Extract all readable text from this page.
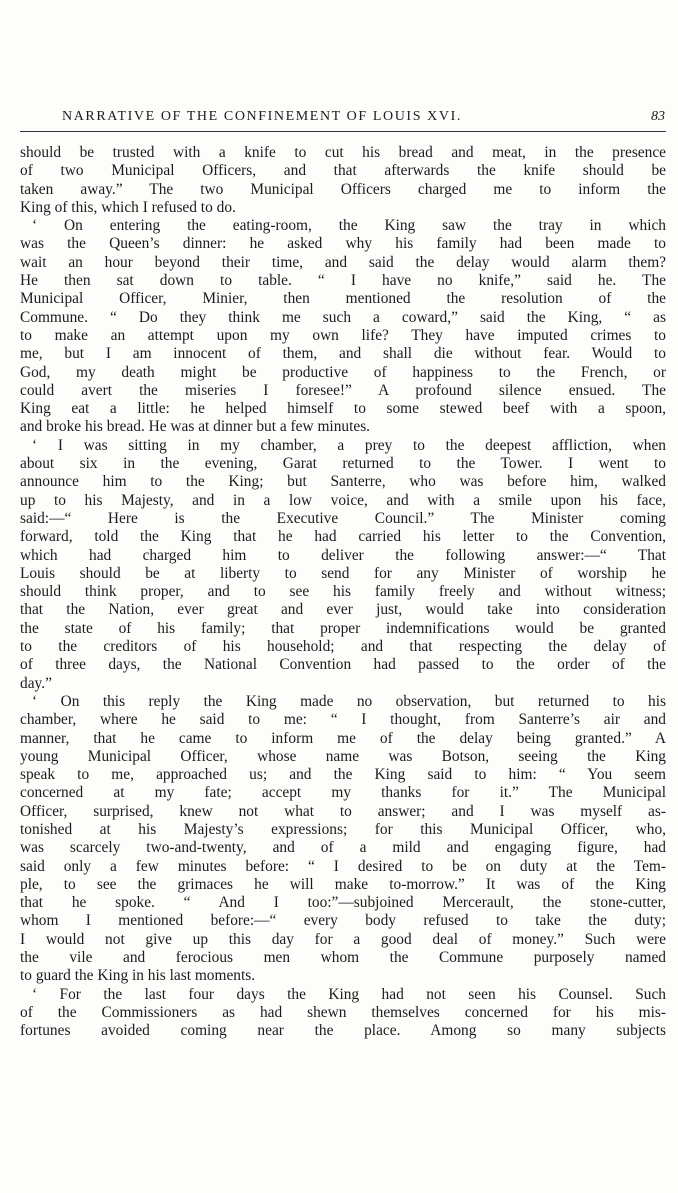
NARRATIVE OF THE CONFINEMENT OF LOUIS XVI.	83
should be trusted with a knife to cut his bread and meat, in the presence
of two Municipal Officers, and that afterwards the knife should be
taken away.” The two Municipal Officers charged me to inform the
King of this, which I refused to do.
‘ On entering the eating-room, the King saw the tray in which
was the Queen’s dinner: he asked why his family had been made to
wait an hour beyond their time, and said the delay would alarm them?
He then sat down to table. “ I have no knife,” said he. The
Municipal Officer, Minier, then mentioned the resolution of the
Commune. “ Do they think me such a coward,” said the King, “ as
to make an attempt upon my own life? They have imputed crimes to
me, but I am innocent of them, and shall die without fear. Would to
God, my death might be productive of happiness to the French, or
could avert the miseries I foresee!” A profound silence ensued. The
King eat a little: he helped himself to some stewed beef with a spoon,
and broke his bread. He was at dinner but a few minutes.
‘ I was sitting in my chamber, a prey to the deepest affliction, when
about six in the evening, Garat returned to the Tower. I went to
announce him to the King; but Santerre, who was before him, walked
up to his Majesty, and in a low voice, and with a smile upon his face,
said:—“ Here is the Executive Council.” The Minister coming
forward, told the King that he had carried his letter to the Convention,
which had charged him to deliver the following answer:—“ That
Louis should be at liberty to send for any Minister of worship he
should think proper, and to see his family freely and without witness;
that the Nation, ever great and ever just, would take into consideration
the state of his family; that proper indemnifications would be granted
to the creditors of his household; and that respecting the delay of
of three days, the National Convention had passed to the order of the
day.”
‘ On this reply the King made no observation, but returned to his
chamber, where he said to me: “ I thought, from Santerre’s air and
manner, that he came to inform me of the delay being granted.” A
young Municipal Officer, whose name was Botson, seeing the King
speak to me, approached us; and the King said to him: “ You seem
concerned at my fate; accept my thanks for it.” The Municipal
Officer, surprised, knew not what to answer; and I was myself as-
tonished at his Majesty’s expressions; for this Municipal Officer, who,
was scarcely two-and-twenty, and of a mild and engaging figure, had
said only a few minutes before: “ I desired to be on duty at the Tem-
ple, to see the grimaces he will make to-morrow.” It was of the King
that he spoke. “ And I too:”—subjoined Mercerault, the stone-cutter,
whom I mentioned before:—“ every body refused to take the duty;
I would not give up this day for a good deal of money.” Such were
the vile and ferocious men whom the Commune purposely named
to guard the King in his last moments.
‘ For the last four days the King had not seen his Counsel. Such
of the Commissioners as had shewn themselves concerned for his mis-
fortunes avoided coming near the place. Among so many subjects
